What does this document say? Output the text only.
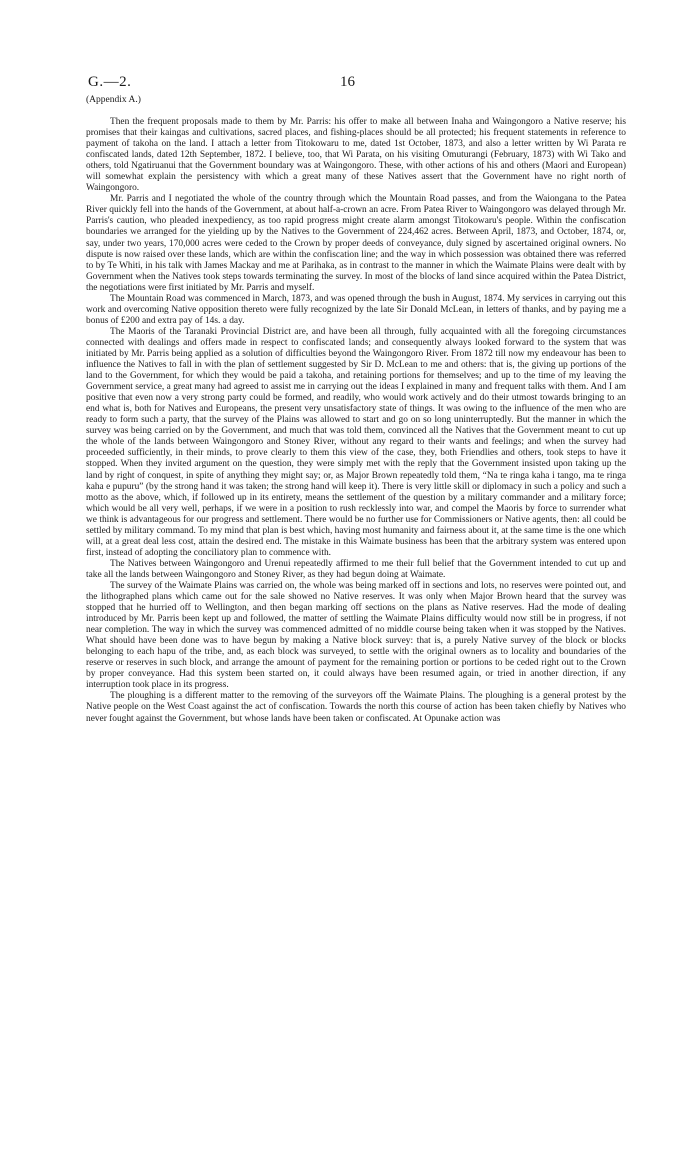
G.—2.	16
(Appendix A.)

Then the frequent proposals made to them by Mr. Parris: his offer to make all between Inaha and Waingongoro a Native reserve; his promises that their kaingas and cultivations, sacred places, and fishing-places should be all protected; his frequent statements in reference to payment of takoha on the land. I attach a letter from Titokowaru to me, dated 1st October, 1873, and also a letter written by Wi Parata re confiscated lands, dated 12th September, 1872. I believe, too, that Wi Parata, on his visiting Omuturangi (February, 1873) with Wi Tako and others, told Ngatiruanui that the Government boundary was at Waingongoro. These, with other actions of his and others (Maori and European) will somewhat explain the persistency with which a great many of these Natives assert that the Government have no right north of Waingongoro.

Mr. Parris and I negotiated the whole of the country through which the Mountain Road passes, and from the Waiongana to the Patea River quickly fell into the hands of the Government, at about half-a-crown an acre. From Patea River to Waingongoro was delayed through Mr. Parris's caution, who pleaded inexpediency, as too rapid progress might create alarm amongst Titokowaru's people. Within the confiscation boundaries we arranged for the yielding up by the Natives to the Government of 224,462 acres. Between April, 1873, and October, 1874, or, say, under two years, 170,000 acres were ceded to the Crown by proper deeds of conveyance, duly signed by ascertained original owners. No dispute is now raised over these lands, which are within the confiscation line; and the way in which possession was obtained there was referred to by Te Whiti, in his talk with James Mackay and me at Parihaka, as in contrast to the manner in which the Waimate Plains were dealt with by Government when the Natives took steps towards terminating the survey. In most of the blocks of land since acquired within the Patea District, the negotiations were first initiated by Mr. Parris and myself.

The Mountain Road was commenced in March, 1873, and was opened through the bush in August, 1874. My services in carrying out this work and overcoming Native opposition thereto were fully recognized by the late Sir Donald McLean, in letters of thanks, and by paying me a bonus of £200 and extra pay of 14s. a day.

The Maoris of the Taranaki Provincial District are, and have been all through, fully acquainted with all the foregoing circumstances connected with dealings and offers made in respect to confiscated lands; and consequently always looked forward to the system that was initiated by Mr. Parris being applied as a solution of difficulties beyond the Waingongoro River. From 1872 till now my endeavour has been to influence the Natives to fall in with the plan of settlement suggested by Sir D. McLean to me and others: that is, the giving up portions of the land to the Government, for which they would be paid a takoha, and retaining portions for themselves; and up to the time of my leaving the Government service, a great many had agreed to assist me in carrying out the ideas I explained in many and frequent talks with them. And I am positive that even now a very strong party could be formed, and readily, who would work actively and do their utmost towards bringing to an end what is, both for Natives and Europeans, the present very unsatisfactory state of things. It was owing to the influence of the men who are ready to form such a party, that the survey of the Plains was allowed to start and go on so long uninterruptedly. But the manner in which the survey was being carried on by the Government, and much that was told them, convinced all the Natives that the Government meant to cut up the whole of the lands between Waingongoro and Stoney River, without any regard to their wants and feelings; and when the survey had proceeded sufficiently, in their minds, to prove clearly to them this view of the case, they, both Friendlies and others, took steps to have it stopped. When they invited argument on the question, they were simply met with the reply that the Government insisted upon taking up the land by right of conquest, in spite of anything they might say; or, as Major Brown repeatedly told them, “Na te ringa kaha i tango, ma te ringa kaha e pupuru” (by the strong hand it was taken; the strong hand will keep it). There is very little skill or diplomacy in such a policy and such a motto as the above, which, if followed up in its entirety, means the settlement of the question by a military commander and a military force; which would be all very well, perhaps, if we were in a position to rush recklessly into war, and compel the Maoris by force to surrender what we think is advantageous for our progress and settlement. There would be no further use for Commissioners or Native agents, then: all could be settled by military command. To my mind that plan is best which, having most humanity and fairness about it, at the same time is the one which will, at a great deal less cost, attain the desired end. The mistake in this Waimate business has been that the arbitrary system was entered upon first, instead of adopting the conciliatory plan to commence with.

The Natives between Waingongoro and Urenui repeatedly affirmed to me their full belief that the Government intended to cut up and take all the lands between Waingongoro and Stoney River, as they had begun doing at Waimate.

The survey of the Waimate Plains was carried on, the whole was being marked off in sections and lots, no reserves were pointed out, and the lithographed plans which came out for the sale showed no Native reserves. It was only when Major Brown heard that the survey was stopped that he hurried off to Wellington, and then began marking off sections on the plans as Native reserves. Had the mode of dealing introduced by Mr. Parris been kept up and followed, the matter of settling the Waimate Plains difficulty would now still be in progress, if not near completion. The way in which the survey was commenced admitted of no middle course being taken when it was stopped by the Natives. What should have been done was to have begun by making a Native block survey: that is, a purely Native survey of the block or blocks belonging to each hapu of the tribe, and, as each block was surveyed, to settle with the original owners as to locality and boundaries of the reserve or reserves in such block, and arrange the amount of payment for the remaining portion or portions to be ceded right out to the Crown by proper conveyance. Had this system been started on, it could always have been resumed again, or tried in another direction, if any interruption took place in its progress.

The ploughing is a different matter to the removing of the surveyors off the Waimate Plains. The ploughing is a general protest by the Native people on the West Coast against the act of confiscation. Towards the north this course of action has been taken chiefly by Natives who never fought against the Government, but whose lands have been taken or confiscated. At Opunake action was
